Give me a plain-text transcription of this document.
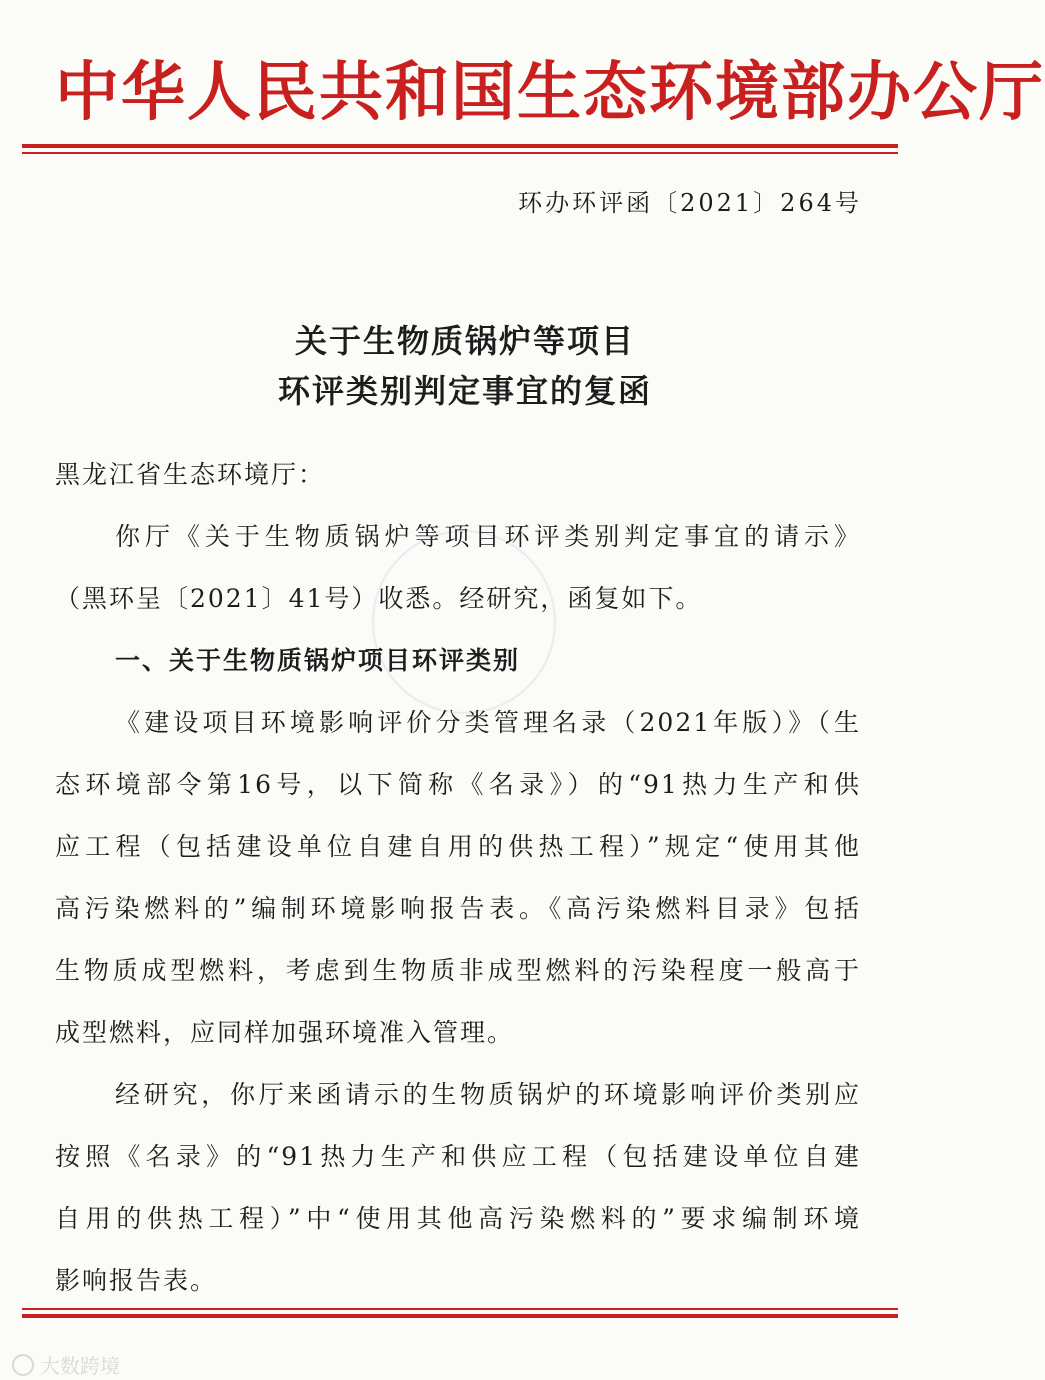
中华人民共和国生态环境部办公厅
环办环评函〔2021〕264号
关于生物质锅炉等项目
环评类别判定事宜的复函
黑龙江省生态环境厅：
你厅《关于生物质锅炉等项目环评类别判定事宜的请示》
（黑环呈〔2021〕41号）收悉。经研究，函复如下。
一、关于生物质锅炉项目环评类别
《建设项目环境影响评价分类管理名录（2021年版）》（生
态环境部令第16号，以下简称《名录》）的“91热力生产和供
应工程（包括建设单位自建自用的供热工程）”规定“使用其他
高污染燃料的”编制环境影响报告表。《高污染燃料目录》包括
生物质成型燃料，考虑到生物质非成型燃料的污染程度一般高于
成型燃料，应同样加强环境准入管理。
经研究，你厅来函请示的生物质锅炉的环境影响评价类别应
按照《名录》的“91热力生产和供应工程（包括建设单位自建
自用的供热工程）”中“使用其他高污染燃料的”要求编制环境
影响报告表。
大数跨境
